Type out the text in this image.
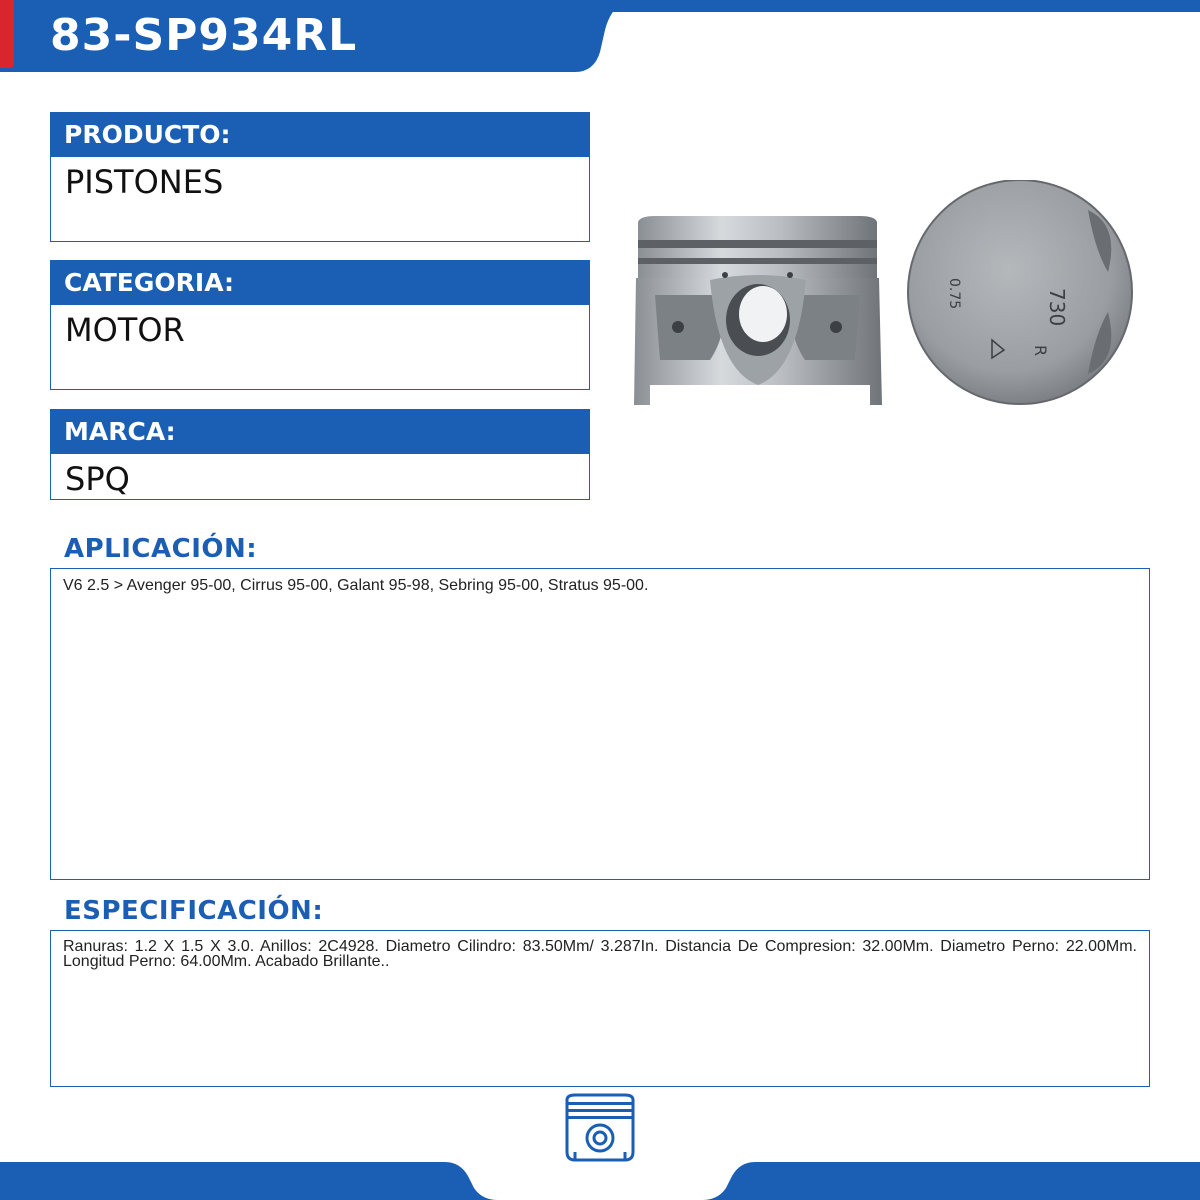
83-SP934RL
PRODUCTO:
PISTONES
CATEGORIA:
MOTOR
MARCA:
SPQ
730
0.75
R
APLICACIÓN:
V6 2.5 > Avenger 95-00, Cirrus 95-00, Galant 95-98, Sebring 95-00, Stratus 95-00.
ESPECIFICACIÓN:
Ranuras: 1.2 X 1.5 X 3.0. Anillos: 2C4928. Diametro Cilindro: 83.50Mm/ 3.287In. Distancia De Compresion: 32.00Mm. Diametro Perno: 22.00Mm. Longitud Perno: 64.00Mm. Acabado Brillante..
MOTOR
